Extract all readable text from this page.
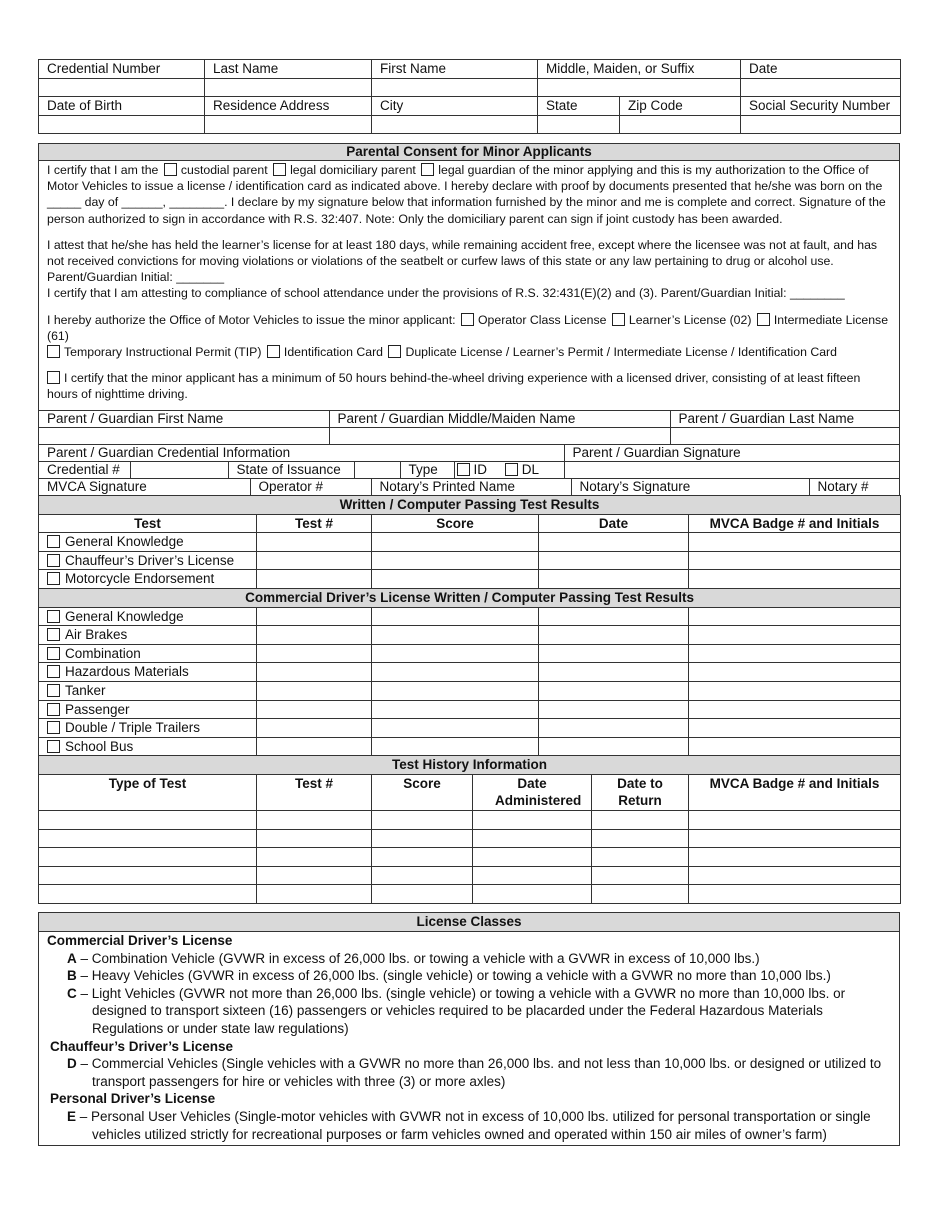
Credential Number	Last Name	First Name	Middle, Maiden, or Suffix		Date

Date of Birth	Residence Address	City	State	Zip Code	Social Security Number

Parental Consent for Minor Applicants
I certify that I am the custodial parent legal domiciliary parent legal guardian of the minor applying and this is my authorization to the Office of Motor Vehicles to issue a license / identification card as indicated above. I hereby declare with proof by documents presented that he/she was born on the _____ day of ______, ________. I declare by my signature below that information furnished by the minor and me is complete and correct. Signature of the person authorized to sign in accordance with R.S. 32:407. Note: Only the domiciliary parent can sign if joint custody has been awarded.
I attest that he/she has held the learner’s license for at least 180 days, while remaining accident free, except where the licensee was not at fault, and has not received convictions for moving violations or violations of the seatbelt or curfew laws of this state or any law pertaining to drug or alcohol use. Parent/Guardian Initial: _______
I certify that I am attesting to compliance of school attendance under the provisions of R.S. 32:431(E)(2) and (3). Parent/Guardian Initial: ________
I hereby authorize the Office of Motor Vehicles to issue the minor applicant: Operator Class License Learner’s License (02) Intermediate License (61)
Temporary Instructional Permit (TIP) Identification Card Duplicate License / Learner’s Permit / Intermediate License / Identification Card
I certify that the minor applicant has a minimum of 50 hours behind-the-wheel driving experience with a licensed driver, consisting of at least fifteen hours of nighttime driving.
Parent / Guardian First Name	Parent / Guardian Middle/Maiden Name	Parent / Guardian Last Name

Parent / Guardian Credential Information						Parent / Guardian Signature
Credential #		State of Issuance		Type	ID DL	
MVCA Signature	Operator #	Notary’s Printed Name	Notary’s Signature	Notary #

Written / Computer Passing Test Results						
Test	Test #	Score		Date		MVCA Badge # and Initials
General Knowledge						
Chauffeur’s Driver’s License						
Motorcycle Endorsement						
Commercial Driver’s License Written / Computer Passing Test Results						
General Knowledge						
Air Brakes						
Combination						
Hazardous Materials						
Tanker						
Passenger						
Double / Triple Trailers						
School Bus						
Test History Information						
Type of Test	Test #	Score	Date Administered		Date to Return	MVCA Badge # and Initials

License Classes
Commercial Driver’s License
A – Combination Vehicle (GVWR in excess of 26,000 lbs. or towing a vehicle with a GVWR in excess of 10,000 lbs.)
B – Heavy Vehicles (GVWR in excess of 26,000 lbs. (single vehicle) or towing a vehicle with a GVWR no more than 10,000 lbs.)
C – Light Vehicles (GVWR not more than 26,000 lbs. (single vehicle) or towing a vehicle with a GVWR no more than 10,000 lbs. or designed to transport sixteen (16) passengers or vehicles required to be placarded under the Federal Hazardous Materials Regulations or under state law regulations)
Chauffeur’s Driver’s License
D – Commercial Vehicles (Single vehicles with a GVWR no more than 26,000 lbs. and not less than 10,000 lbs. or designed or utilized to transport passengers for hire or vehicles with three (3) or more axles)
Personal Driver’s License
E – Personal User Vehicles (Single-motor vehicles with GVWR not in excess of 10,000 lbs. utilized for personal transportation or single vehicles utilized strictly for recreational purposes or farm vehicles owned and operated within 150 air miles of owner’s farm)
